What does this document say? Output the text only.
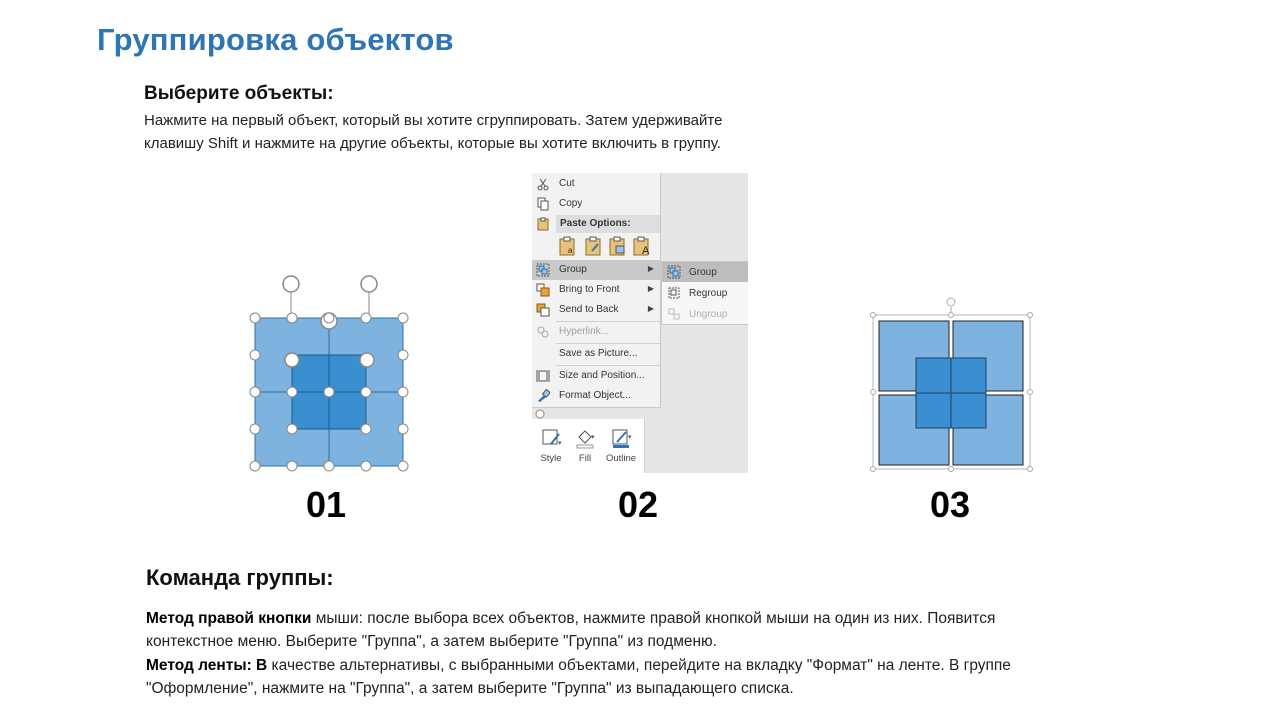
Группировка объектов
Выберите объекты:
Нажмите на первый объект, который вы хотите сгруппировать. Затем удерживайте
клавишу Shift и нажмите на другие объекты, которые вы хотите включить в группу.
Cut
Copy
Paste Options:
a	A
Group	▶
Bring to Front	▶
Send to Back	▶
Hyperlink...
Save as Picture...
Size and Position...
Format Object...
Group
Regroup
Ungroup
▾
Style
▾
Fill
▾
Outline
01	02	03
Команда группы:
Метод правой кнопки мыши: после выбора всех объектов, нажмите правой кнопкой мыши на один из них. Появится
контекстное меню. Выберите "Группа", а затем выберите "Группа" из подменю.
Метод ленты: В качестве альтернативы, с выбранными объектами, перейдите на вкладку "Формат" на ленте. В группе
"Оформление", нажмите на "Группа", а затем выберите "Группа" из выпадающего списка.
